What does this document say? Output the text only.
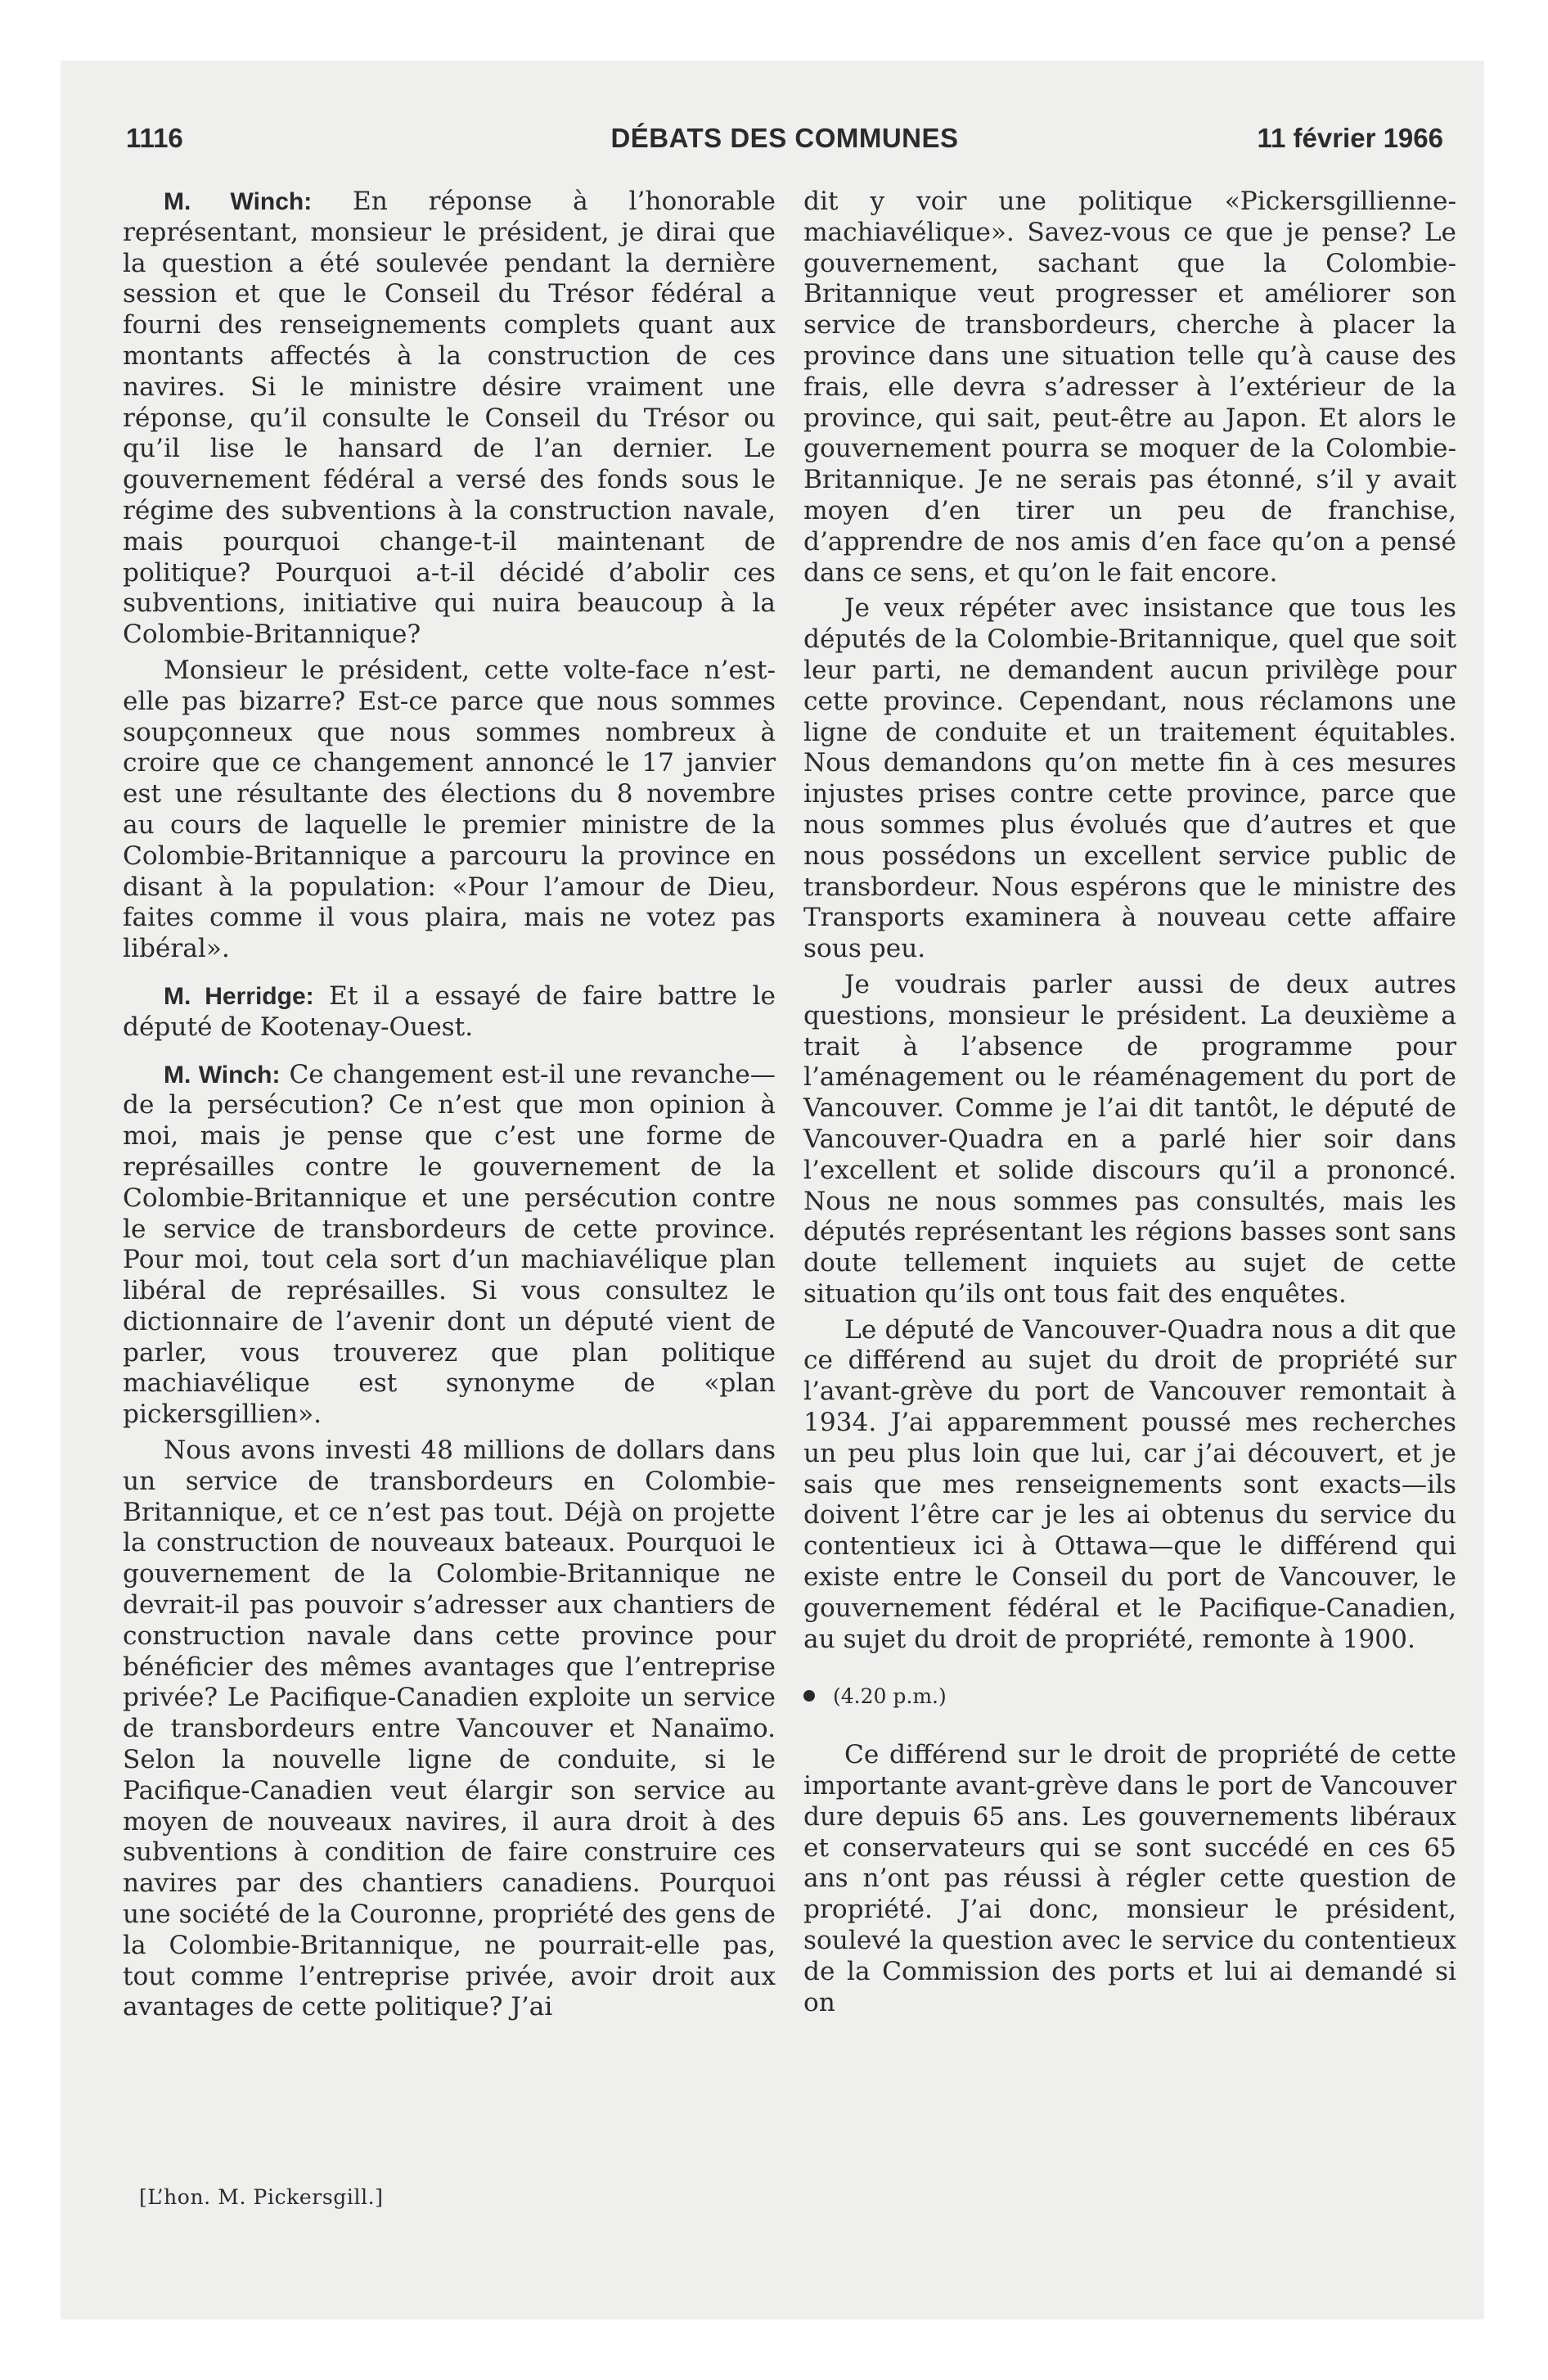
1116	DÉBATS DES COMMUNES	11 février 1966

M. Winch: En réponse à l’honorable représentant, monsieur le président, je dirai que la question a été soulevée pendant la dernière session et que le Conseil du Trésor fédéral a fourni des renseignements complets quant aux montants affectés à la construction de ces navires. Si le ministre désire vraiment une réponse, qu’il consulte le Conseil du Trésor ou qu’il lise le hansard de l’an dernier. Le gouvernement fédéral a versé des fonds sous le régime des subventions à la construction navale, mais pourquoi change-t-il maintenant de politique? Pourquoi a-t-il décidé d’abolir ces subventions, initiative qui nuira beaucoup à la Colombie-Britannique?

Monsieur le président, cette volte-face n’est-elle pas bizarre? Est-ce parce que nous sommes soupçonneux que nous sommes nombreux à croire que ce changement annoncé le 17 janvier est une résultante des élections du 8 novembre au cours de laquelle le premier ministre de la Colombie-Britannique a parcouru la province en disant à la population: «Pour l’amour de Dieu, faites comme il vous plaira, mais ne votez pas libéral».

M. Herridge: Et il a essayé de faire battre le député de Kootenay-Ouest.

M. Winch: Ce changement est-il une revanche—de la persécution? Ce n’est que mon opinion à moi, mais je pense que c’est une forme de représailles contre le gouvernement de la Colombie-Britannique et une persécution contre le service de transbordeurs de cette province. Pour moi, tout cela sort d’un machiavélique plan libéral de représailles. Si vous consultez le dictionnaire de l’avenir dont un député vient de parler, vous trouverez que plan politique machiavélique est synonyme de «plan pickersgillien».

Nous avons investi 48 millions de dollars dans un service de transbordeurs en Colombie-Britannique, et ce n’est pas tout. Déjà on projette la construction de nouveaux bateaux. Pourquoi le gouvernement de la Colombie-Britannique ne devrait-il pas pouvoir s’adresser aux chantiers de construction navale dans cette province pour bénéficier des mêmes avantages que l’entreprise privée? Le Pacifique-Canadien exploite un service de transbordeurs entre Vancouver et Nanaïmo. Selon la nouvelle ligne de conduite, si le Pacifique-Canadien veut élargir son service au moyen de nouveaux navires, il aura droit à des subventions à condition de faire construire ces navires par des chantiers canadiens. Pourquoi une société de la Couronne, propriété des gens de la Colombie-Britannique, ne pourrait-elle pas, tout comme l’entreprise privée, avoir droit aux avantages de cette politique? J’ai

[L’hon. M. Pickersgill.]

dit y voir une politique «Pickersgillienne-machiavélique». Savez-vous ce que je pense? Le gouvernement, sachant que la Colombie-Britannique veut progresser et améliorer son service de transbordeurs, cherche à placer la province dans une situation telle qu’à cause des frais, elle devra s’adresser à l’extérieur de la province, qui sait, peut-être au Japon. Et alors le gouvernement pourra se moquer de la Colombie-Britannique. Je ne serais pas étonné, s’il y avait moyen d’en tirer un peu de franchise, d’apprendre de nos amis d’en face qu’on a pensé dans ce sens, et qu’on le fait encore.

Je veux répéter avec insistance que tous les députés de la Colombie-Britannique, quel que soit leur parti, ne demandent aucun privilège pour cette province. Cependant, nous réclamons une ligne de conduite et un traitement équitables. Nous demandons qu’on mette fin à ces mesures injustes prises contre cette province, parce que nous sommes plus évolués que d’autres et que nous possédons un excellent service public de transbordeur. Nous espérons que le ministre des Transports examinera à nouveau cette affaire sous peu.

Je voudrais parler aussi de deux autres questions, monsieur le président. La deuxième a trait à l’absence de programme pour l’aménagement ou le réaménagement du port de Vancouver. Comme je l’ai dit tantôt, le député de Vancouver-Quadra en a parlé hier soir dans l’excellent et solide discours qu’il a prononcé. Nous ne nous sommes pas consultés, mais les députés représentant les régions basses sont sans doute tellement inquiets au sujet de cette situation qu’ils ont tous fait des enquêtes.

Le député de Vancouver-Quadra nous a dit que ce différend au sujet du droit de propriété sur l’avant-grève du port de Vancouver remontait à 1934. J’ai apparemment poussé mes recherches un peu plus loin que lui, car j’ai découvert, et je sais que mes renseignements sont exacts—ils doivent l’être car je les ai obtenus du service du contentieux ici à Ottawa—que le différend qui existe entre le Conseil du port de Vancouver, le gouvernement fédéral et le Pacifique-Canadien, au sujet du droit de propriété, remonte à 1900.

(4.20 p.m.)

Ce différend sur le droit de propriété de cette importante avant-grève dans le port de Vancouver dure depuis 65 ans. Les gouvernements libéraux et conservateurs qui se sont succédé en ces 65 ans n’ont pas réussi à régler cette question de propriété. J’ai donc, monsieur le président, soulevé la question avec le service du contentieux de la Commission des ports et lui ai demandé si on
